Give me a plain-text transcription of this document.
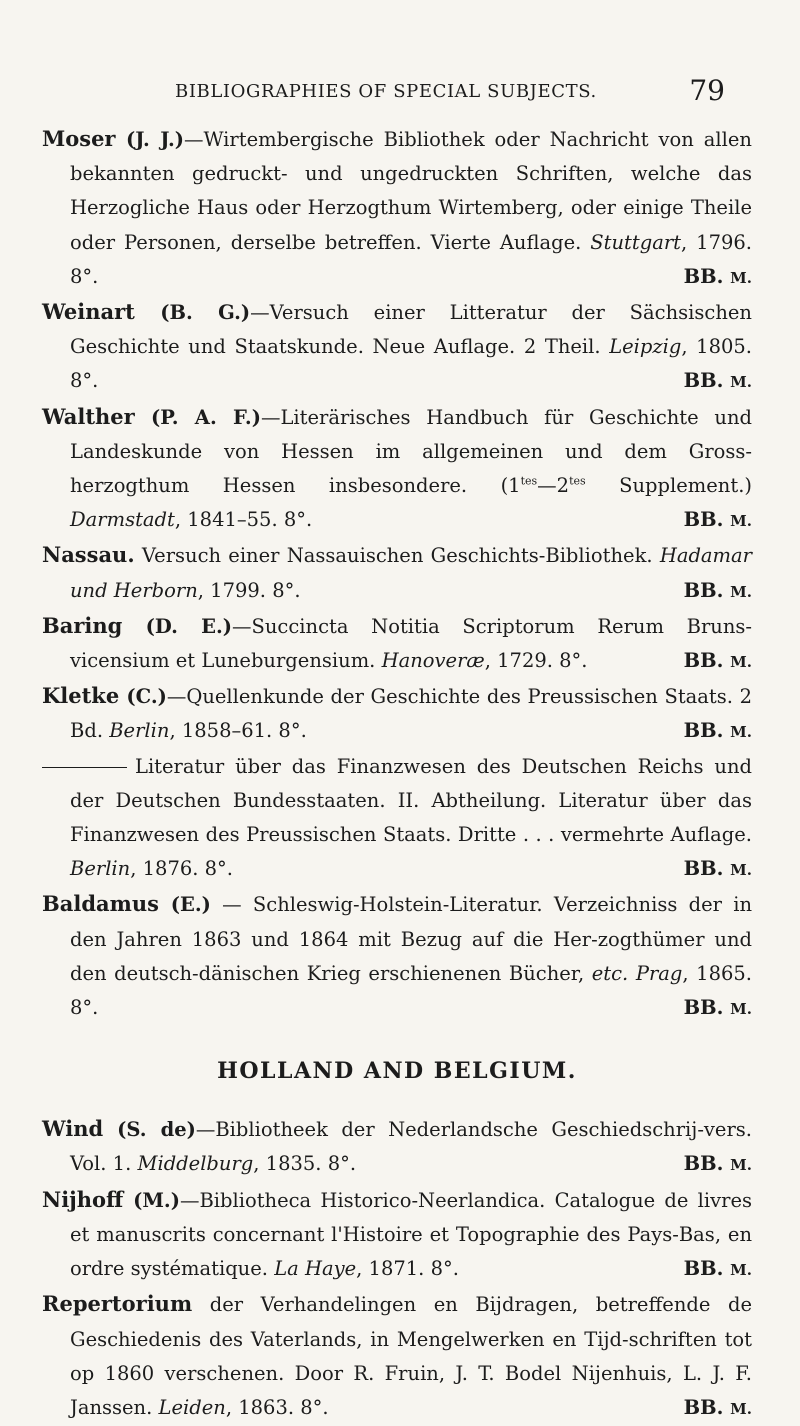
BIBLIOGRAPHIES OF SPECIAL SUBJECTS.	79
Moser (J. J.)—Wirtembergische Bibliothek oder Nachricht von allen bekannten gedruckt- und ungedruckten Schriften, welche das Herzogliche Haus oder Herzogthum Wirtemberg, oder einige Theile oder Personen, derselbe betreffen. Vierte Auflage. Stuttgart, 1796. 8°.	BB. M.
Weinart (B. G.)—Versuch einer Litteratur der Sächsischen Geschichte und Staatskunde. Neue Auflage. 2 Theil. Leipzig, 1805. 8°.	BB. M.
Walther (P. A. F.)—Literärisches Handbuch für Geschichte und Landeskunde von Hessen im allgemeinen und dem Gross-herzogthum Hessen insbesondere. ($1^{tes}—2^{tes}$ Supplement.) Darmstadt, 1841–55. 8°.	BB. M.
Nassau. Versuch einer Nassauischen Geschichts-Bibliothek. Hadamar und Herborn, 1799. 8°.	BB. M.
Baring (D. E.)—Succincta Notitia Scriptorum Rerum Bruns-vicensium et Luneburgensium. Hanoveræ, 1729. 8°.	BB. M.
Kletke (C.)—Quellenkunde der Geschichte des Preussischen Staats. 2 Bd. Berlin, 1858–61. 8°.	BB. M.
Literatur über das Finanzwesen des Deutschen Reichs und der Deutschen Bundesstaaten. II. Abtheilung. Literatur über das Finanzwesen des Preussischen Staats. Dritte . . . vermehrte Auflage. Berlin, 1876. 8°.	BB. M.
Baldamus (E.) — Schleswig-Holstein-Literatur. Verzeichniss der in den Jahren 1863 und 1864 mit Bezug auf die Her-zogthümer und den deutsch-dänischen Krieg erschienenen Bücher, etc. Prag, 1865. 8°.	BB. M.
HOLLAND AND BELGIUM.
Wind (S. de)—Bibliotheek der Nederlandsche Geschiedschrij-vers. Vol. 1. Middelburg, 1835. 8°.	BB. M.
Nijhoff (M.)—Bibliotheca Historico-Neerlandica. Catalogue de livres et manuscrits concernant l'Histoire et Topographie des Pays-Bas, en ordre systématique. La Haye, 1871. 8°.	BB. M.
Repertorium der Verhandelingen en Bijdragen, betreffende de Geschiedenis des Vaterlands, in Mengelwerken en Tijd-schriften tot op 1860 verschenen. Door R. Fruin, J. T. Bodel Nijenhuis, L. J. F. Janssen. Leiden, 1863. 8°.	BB. M.
